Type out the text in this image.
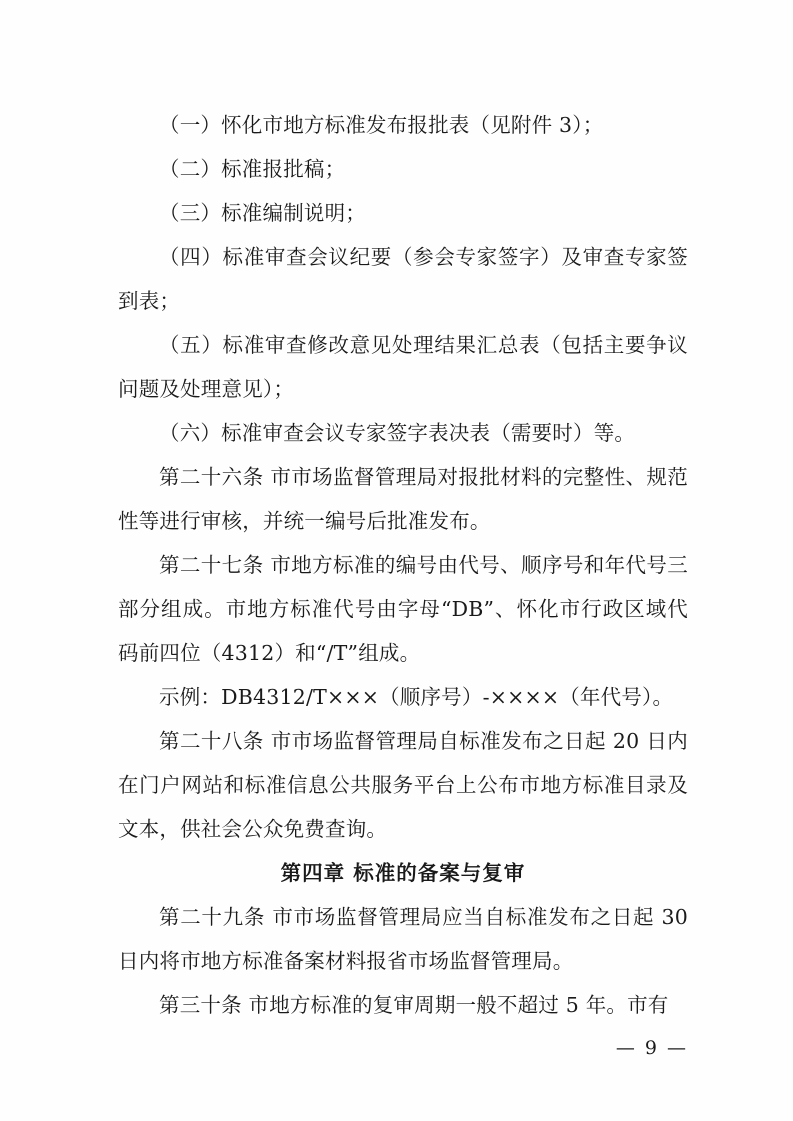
（一）怀化市地方标准发布报批表（见附件 3）；

（二）标准报批稿；

（三）标准编制说明；

（四）标准审查会议纪要（参会专家签字）及审查专家签到表；

（五）标准审查修改意见处理结果汇总表（包括主要争议问题及处理意见）；

（六）标准审查会议专家签字表决表（需要时）等。

第二十六条 市市场监督管理局对报批材料的完整性、规范性等进行审核，并统一编号后批准发布。

第二十七条 市地方标准的编号由代号、顺序号和年代号三部分组成。市地方标准代号由字母“DB”、怀化市行政区域代码前四位（4312）和“/T”组成。

示例：DB4312/T×××（顺序号）-××××（年代号）。

第二十八条 市市场监督管理局自标准发布之日起 20 日内在门户网站和标准信息公共服务平台上公布市地方标准目录及文本，供社会公众免费查询。

第四章 标准的备案与复审

第二十九条 市市场监督管理局应当自标准发布之日起 30 日内将市地方标准备案材料报省市场监督管理局。

第三十条 市地方标准的复审周期一般不超过 5 年。市有

— 9 —
